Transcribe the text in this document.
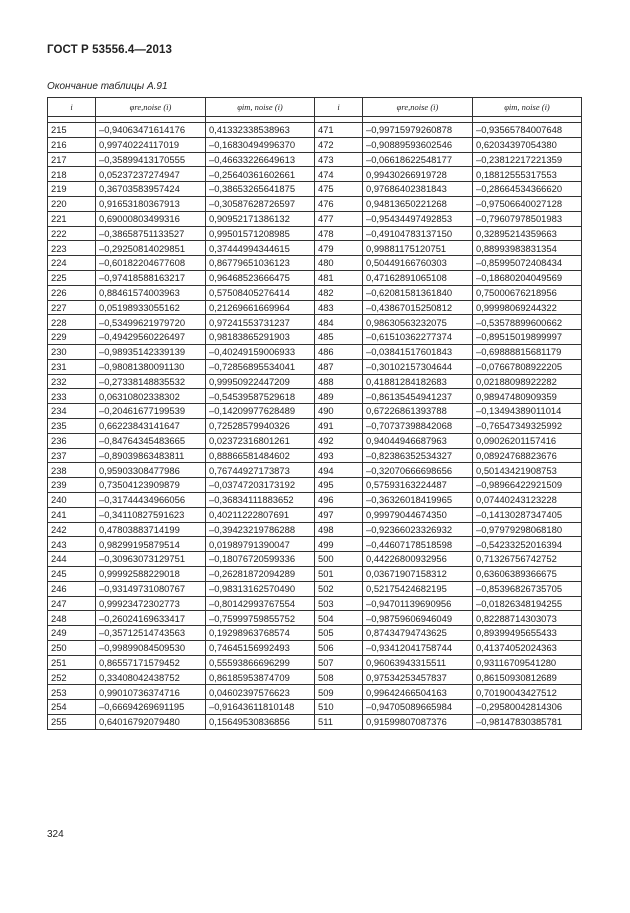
ГОСТ Р 53556.4—2013
Окончание таблицы А.91
i	φre,noise (i)	φim, noise (i)	i	φre,noise (i)	φim, noise (i)

215	–0,94063471614176	0,41332338538963	471	–0,99715979260878	–0,93565784007648
216	0,99740224117019	–0,16830494996370	472	–0,90889593602546	0,62034397054380
217	–0,35899413170555	–0,46633226649613	473	–0,06618622548177	–0,23812217221359
218	0,05237237274947	–0,25640361602661	474	0,99430266919728	0,18812555317553
219	0,36703583957424	–0,38653265641875	475	0,97686402381843	–0,28664534366620
220	0,91653180367913	–0,30587628726597	476	0,94813650221268	–0,97506640027128
221	0,69000803499316	0,90952171386132	477	–0,95434497492853	–0,79607978501983
222	–0,38658751133527	0,99501571208985	478	–0,49104783137150	0,32895214359663
223	–0,29250814029851	0,37444994344615	479	0,99881175120751	0,88993983831354
224	–0,60182204677608	0,86779651036123	480	0,50449166760303	–0,85995072408434
225	–0,97418588163217	0,96468523666475	481	0,47162891065108	–0,18680204049569
226	0,88461574003963	0,57508405276414	482	–0,62081581361840	0,75000676218956
227	0,05198933055162	0,21269661669964	483	–0,43867015250812	0,99998069244322
228	–0,53499621979720	0,97241553731237	484	0,98630563232075	–0,53578899600662
229	–0,49429560226497	0,98183865291903	485	–0,61510362277374	–0,89515019899997
230	–0,98935142339139	–0,40249159006933	486	–0,03841517601843	–0,69888815681179
231	–0,98081380091130	–0,72856895534041	487	–0,30102157304644	–0,07667808922205
232	–0,27338148835532	0,99950922447209	488	0,41881284182683	0,02188098922282
233	0,06310802338302	–0,54539587529618	489	–0,86135454941237	0,98947480909359
234	–0,20461677199539	–0,14209977628489	490	0,67226861393788	–0,13494389011014
235	0,66223843141647	0,72528579940326	491	–0,70737398842068	–0,76547349325992
236	–0,84764345483665	0,02372316801261	492	0,94044946687963	0,09026201157416
237	–0,89039863483811	0,88866581484602	493	–0,82386352534327	0,08924768823676
238	0,95903308477986	0,76744927173873	494	–0,32070666698656	0,50143421908753
239	0,73504123909879	–0,03747203173192	495	0,57593163224487	–0,98966422921509
240	–0,31744434966056	–0,36834111883652	496	–0,36326018419965	0,07440243123228
241	–0,34110827591623	0,40211222807691	497	0,99979044674350	–0,14130287347405
242	0,47803883714199	–0,39423219786288	498	–0,92366023326932	–0,97979298068180
243	0,98299195879514	0,01989791390047	499	–0,44607178518598	–0,54233252016394
244	–0,30963073129751	–0,18076720599336	500	0,44226800932956	0,71326756742752
245	0,99992588229018	–0,26281872094289	501	0,03671907158312	0,63606389366675
246	–0,93149731080767	–0,98313162570490	502	0,52175424682195	–0,85396826735705
247	0,99923472302773	–0,80142993767554	503	–0,94701139690956	–0,01826348194255
248	–0,26024169633417	–0,75999759855752	504	–0,98759606946049	0,82288714303073
249	–0,35712514743563	0,19298963768574	505	0,87434794743625	0,89399495655433
250	–0,99899084509530	0,74645156992493	506	–0,93412041758744	0,41374052024363
251	0,86557171579452	0,55593866696299	507	0,96063943315511	0,93116709541280
252	0,33408042438752	0,86185953874709	508	0,97534253457837	0,86150930812689
253	0,99010736374716	0,04602397576623	509	0,99642466504163	0,70190043427512
254	–0,66694269691195	–0,91643611810148	510	–0,94705089665984	–0,29580042814306
255	0,64016792079480	0,15649530836856	511	0,91599807087376	–0,98147830385781
324
